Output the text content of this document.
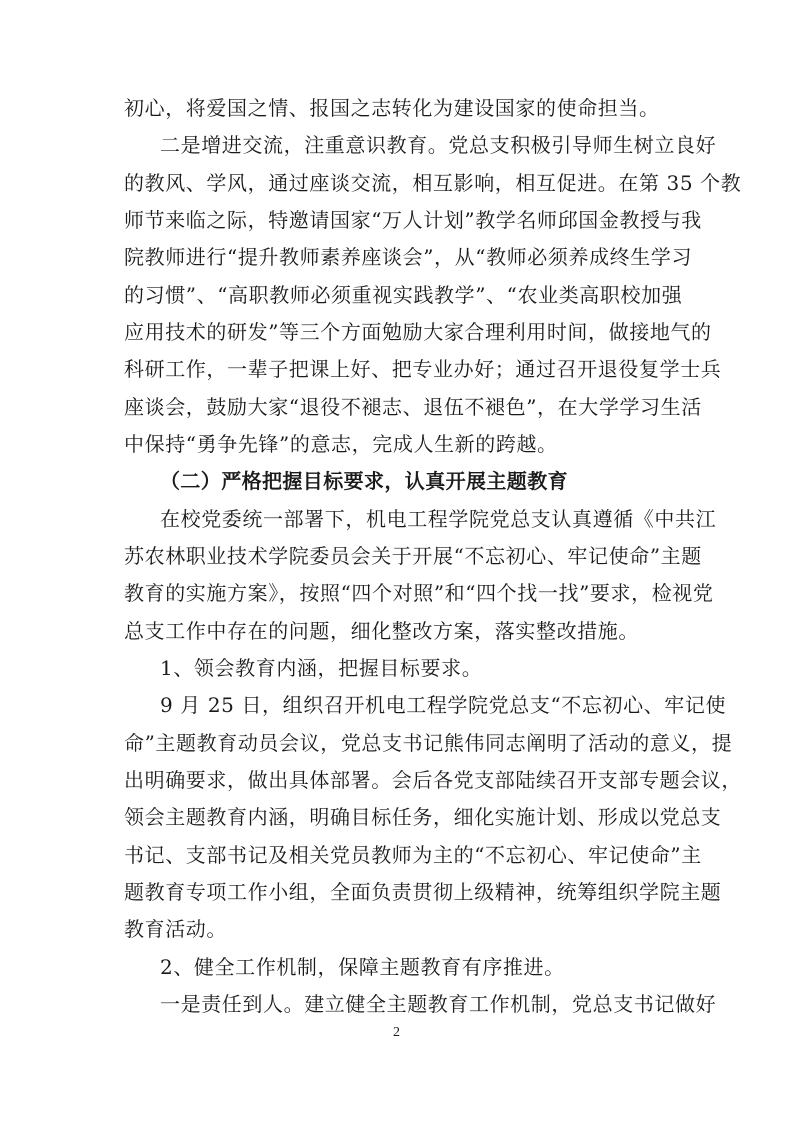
初心，将爱国之情、报国之志转化为建设国家的使命担当。
二是增进交流，注重意识教育。党总支积极引导师生树立良好
的教风、学风，通过座谈交流，相互影响，相互促进。在第 35 个教
师节来临之际，特邀请国家“万人计划”教学名师邱国金教授与我
院教师进行“提升教师素养座谈会”，从“教师必须养成终生学习
的习惯”、“高职教师必须重视实践教学”、“农业类高职校加强
应用技术的研发”等三个方面勉励大家合理利用时间，做接地气的
科研工作，一辈子把课上好、把专业办好；通过召开退役复学士兵
座谈会，鼓励大家“退役不褪志、退伍不褪色”，在大学学习生活
中保持“勇争先锋”的意志，完成人生新的跨越。
（二）严格把握目标要求，认真开展主题教育
在校党委统一部署下，机电工程学院党总支认真遵循《中共江
苏农林职业技术学院委员会关于开展“不忘初心、牢记使命”主题
教育的实施方案》，按照“四个对照”和“四个找一找”要求，检视党
总支工作中存在的问题，细化整改方案，落实整改措施。
1、领会教育内涵，把握目标要求。
9 月 25 日，组织召开机电工程学院党总支“不忘初心、牢记使
命”主题教育动员会议，党总支书记熊伟同志阐明了活动的意义，提
出明确要求，做出具体部署。会后各党支部陆续召开支部专题会议，
领会主题教育内涵，明确目标任务，细化实施计划、形成以党总支
书记、支部书记及相关党员教师为主的“不忘初心、牢记使命”主
题教育专项工作小组，全面负责贯彻上级精神，统筹组织学院主题
教育活动。
2、健全工作机制，保障主题教育有序推进。
一是责任到人。建立健全主题教育工作机制，党总支书记做好
2
